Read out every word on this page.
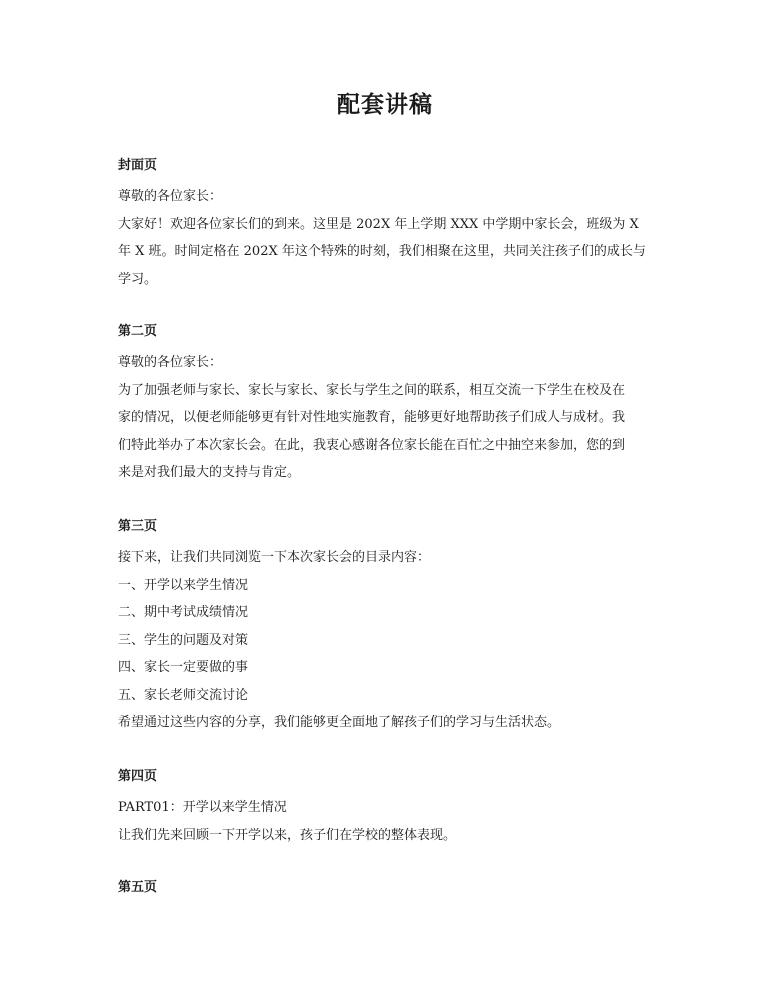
配套讲稿
封面页

尊敬的各位家长：

大家好！欢迎各位家长们的到来。这里是 202X 年上学期 XXX 中学期中家长会，班级为 X

年 X 班。时间定格在 202X 年这个特殊的时刻，我们相聚在这里，共同关注孩子们的成长与

学习。

第二页

尊敬的各位家长：

为了加强老师与家长、家长与家长、家长与学生之间的联系，相互交流一下学生在校及在

家的情况，以便老师能够更有针对性地实施教育，能够更好地帮助孩子们成人与成材。我

们特此举办了本次家长会。在此，我衷心感谢各位家长能在百忙之中抽空来参加，您的到

来是对我们最大的支持与肯定。

第三页

接下来，让我们共同浏览一下本次家长会的目录内容：

一、开学以来学生情况

二、期中考试成绩情况

三、学生的问题及对策

四、家长一定要做的事

五、家长老师交流讨论

希望通过这些内容的分享，我们能够更全面地了解孩子们的学习与生活状态。

第四页

PART01：开学以来学生情况

让我们先来回顾一下开学以来，孩子们在学校的整体表现。

第五页
